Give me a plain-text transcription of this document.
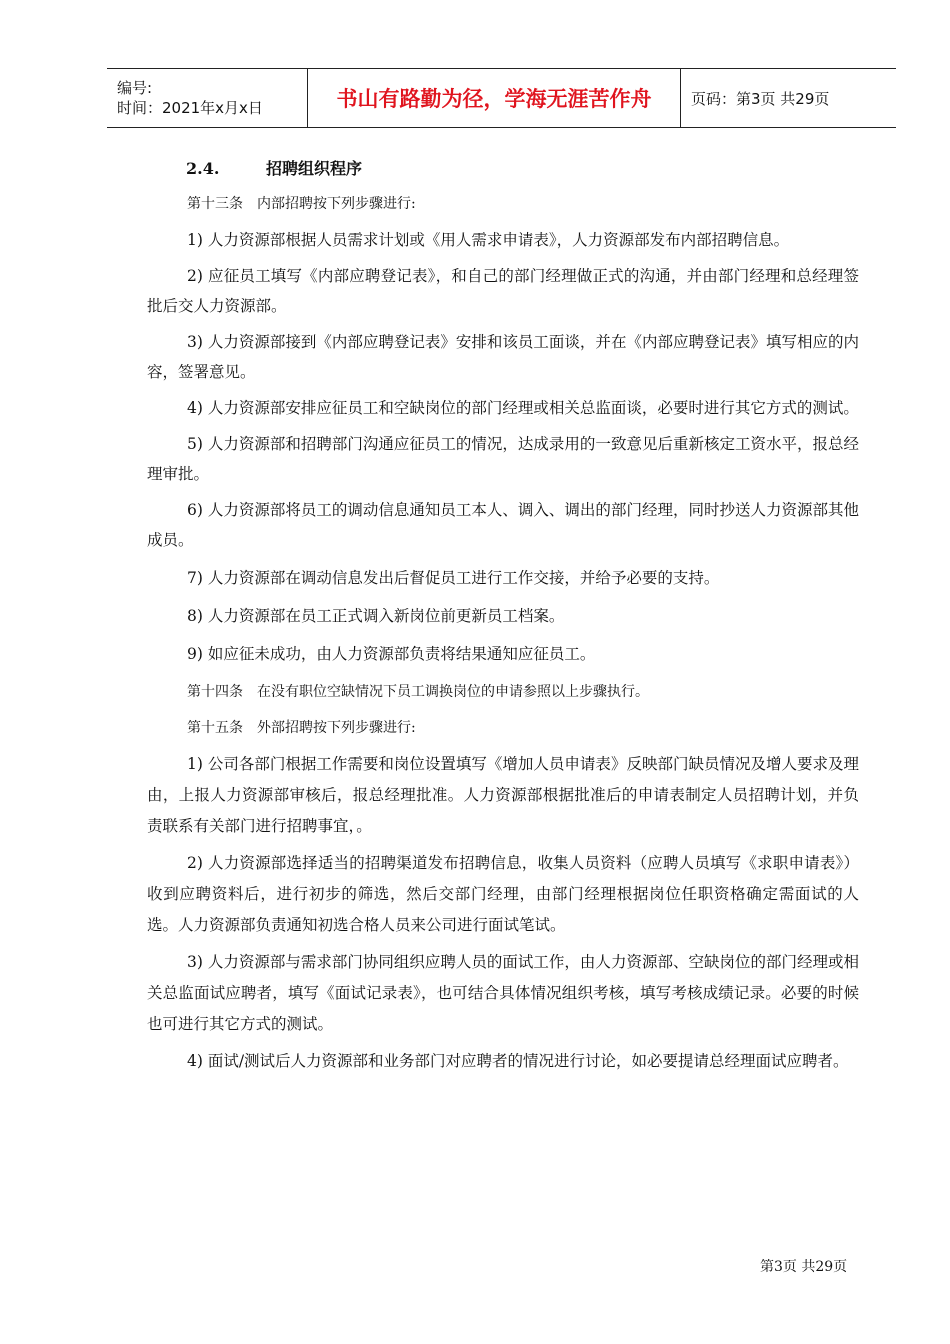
编号:
时间：2021年x月x日	书山有路勤为径，学海无涯苦作舟	页码：第3页 共29页
2.4.	招聘组织程序

第十三条　内部招聘按下列步骤进行:

1) 人力资源部根据人员需求计划或《用人需求申请表》，人力资源部发布内部招聘信息。

2) 应征员工填写《内部应聘登记表》，和自己的部门经理做正式的沟通，并由部门经理和总经理签批后交人力资源部。

3) 人力资源部接到《内部应聘登记表》安排和该员工面谈，并在《内部应聘登记表》填写相应的内容，签署意见。

4) 人力资源部安排应征员工和空缺岗位的部门经理或相关总监面谈，必要时进行其它方式的测试。

5) 人力资源部和招聘部门沟通应征员工的情况，达成录用的一致意见后重新核定工资水平，报总经理审批。

6) 人力资源部将员工的调动信息通知员工本人、调入、调出的部门经理，同时抄送人力资源部其他成员。

7) 人力资源部在调动信息发出后督促员工进行工作交接，并给予必要的支持。

8) 人力资源部在员工正式调入新岗位前更新员工档案。

9) 如应征未成功，由人力资源部负责将结果通知应征员工。

第十四条　在没有职位空缺情况下员工调换岗位的申请参照以上步骤执行。

第十五条　外部招聘按下列步骤进行:

1) 公司各部门根据工作需要和岗位设置填写《增加人员申请表》反映部门缺员情况及增人要求及理由，上报人力资源部审核后，报总经理批准。人力资源部根据批准后的申请表制定人员招聘计划，并负责联系有关部门进行招聘事宜，。

2) 人力资源部选择适当的招聘渠道发布招聘信息，收集人员资料（应聘人员填写《求职申请表》）收到应聘资料后，进行初步的筛选，然后交部门经理，由部门经理根据岗位任职资格确定需面试的人选。人力资源部负责通知初选合格人员来公司进行面试笔试。

3) 人力资源部与需求部门协同组织应聘人员的面试工作，由人力资源部、空缺岗位的部门经理或相关总监面试应聘者，填写《面试记录表》，也可结合具体情况组织考核，填写考核成绩记录。必要的时候也可进行其它方式的测试。

4) 面试/测试后人力资源部和业务部门对应聘者的情况进行讨论，如必要提请总经理面试应聘者。

第3页 共29页
